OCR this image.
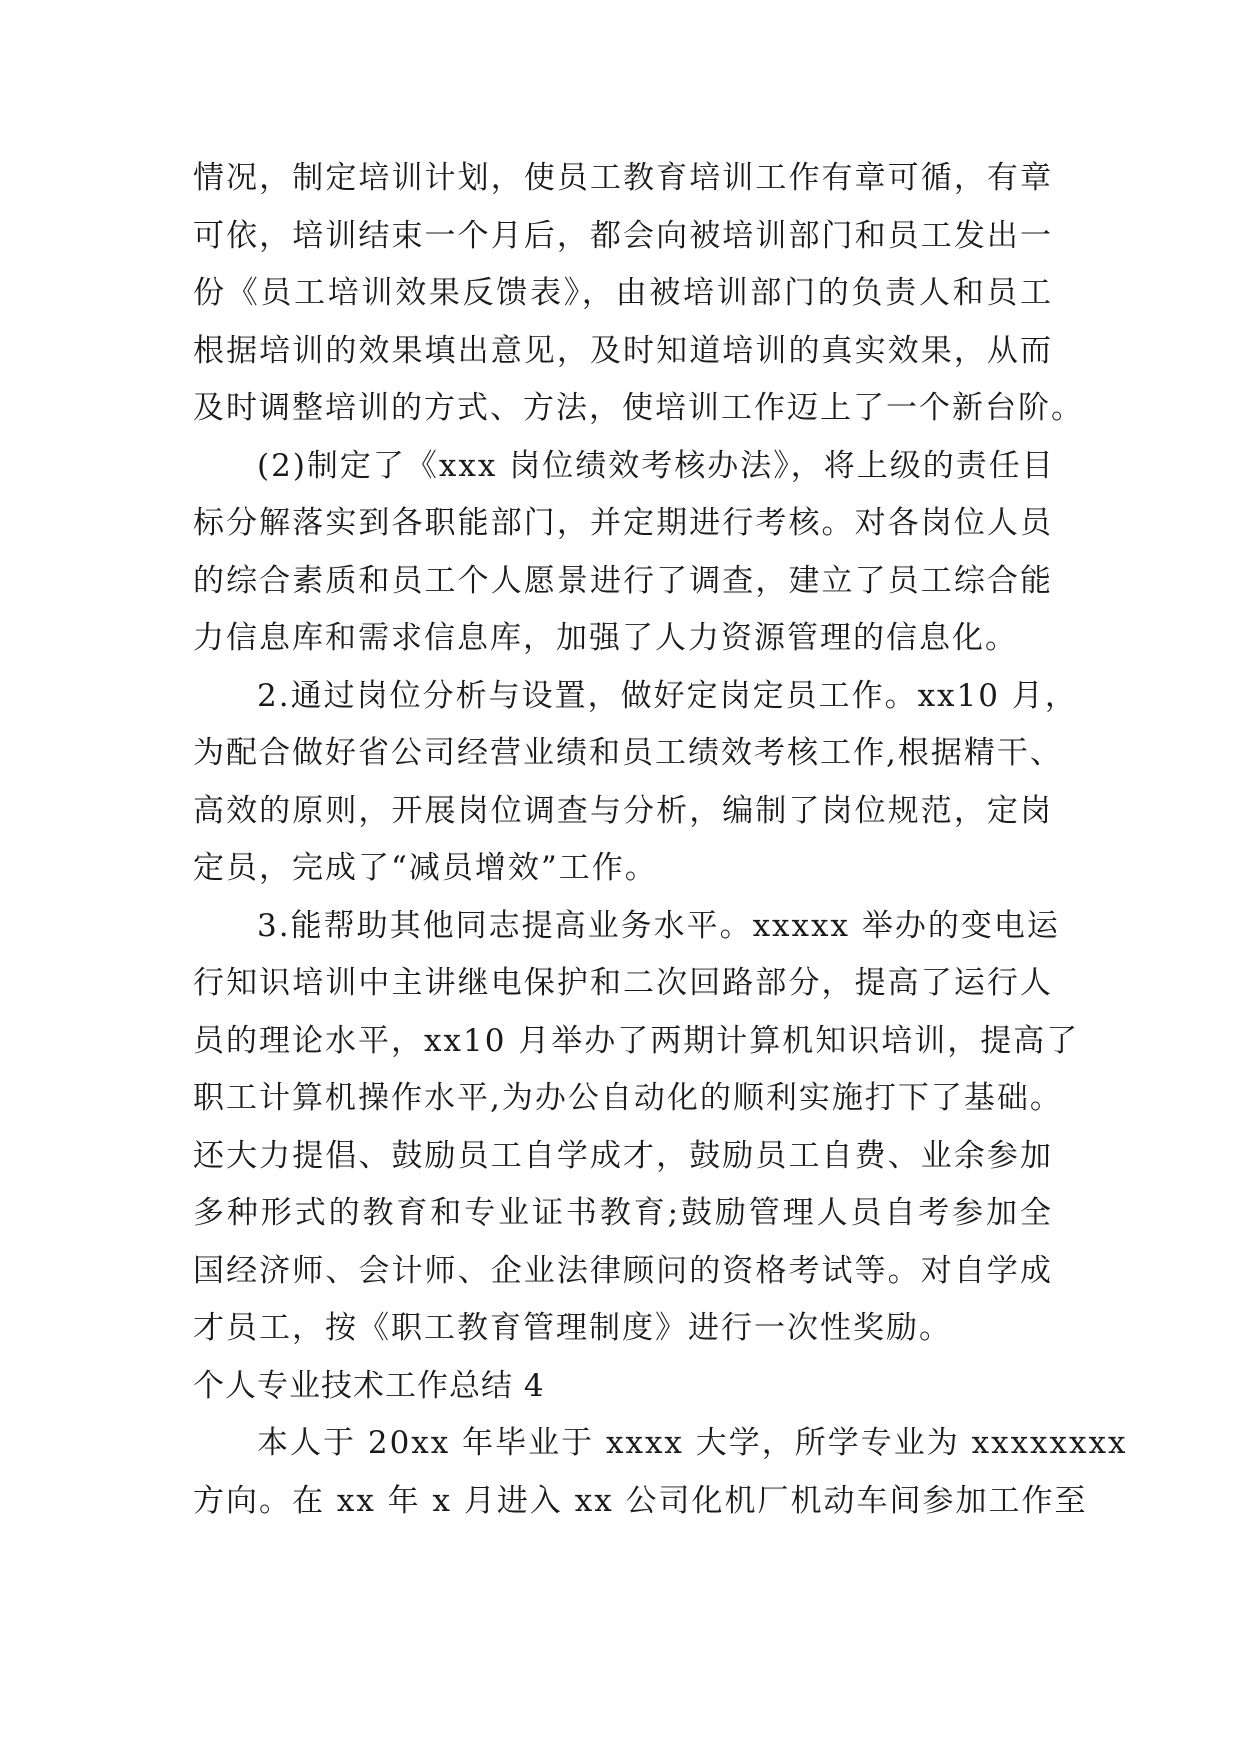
情况，制定培训计划，使员工教育培训工作有章可循，有章
可依，培训结束一个月后，都会向被培训部门和员工发出一
份《员工培训效果反馈表》，由被培训部门的负责人和员工
根据培训的效果填出意见，及时知道培训的真实效果，从而
及时调整培训的方式、方法，使培训工作迈上了一个新台阶。
(2)制定了《xxx 岗位绩效考核办法》，将上级的责任目
标分解落实到各职能部门，并定期进行考核。对各岗位人员
的综合素质和员工个人愿景进行了调查，建立了员工综合能
力信息库和需求信息库，加强了人力资源管理的信息化。
2.通过岗位分析与设置，做好定岗定员工作。xx10 月，
为配合做好省公司经营业绩和员工绩效考核工作,根据精干、
高效的原则，开展岗位调查与分析，编制了岗位规范，定岗
定员，完成了“减员增效”工作。
3.能帮助其他同志提高业务水平。xxxxx 举办的变电运
行知识培训中主讲继电保护和二次回路部分，提高了运行人
员的理论水平，xx10 月举办了两期计算机知识培训，提高了
职工计算机操作水平,为办公自动化的顺利实施打下了基础。
还大力提倡、鼓励员工自学成才，鼓励员工自费、业余参加
多种形式的教育和专业证书教育;鼓励管理人员自考参加全
国经济师、会计师、企业法律顾问的资格考试等。对自学成
才员工，按《职工教育管理制度》进行一次性奖励。
个人专业技术工作总结 4
本人于 20xx 年毕业于 xxxx 大学，所学专业为 xxxxxxxx
方向。在 xx 年 x 月进入 xx 公司化机厂机动车间参加工作至
